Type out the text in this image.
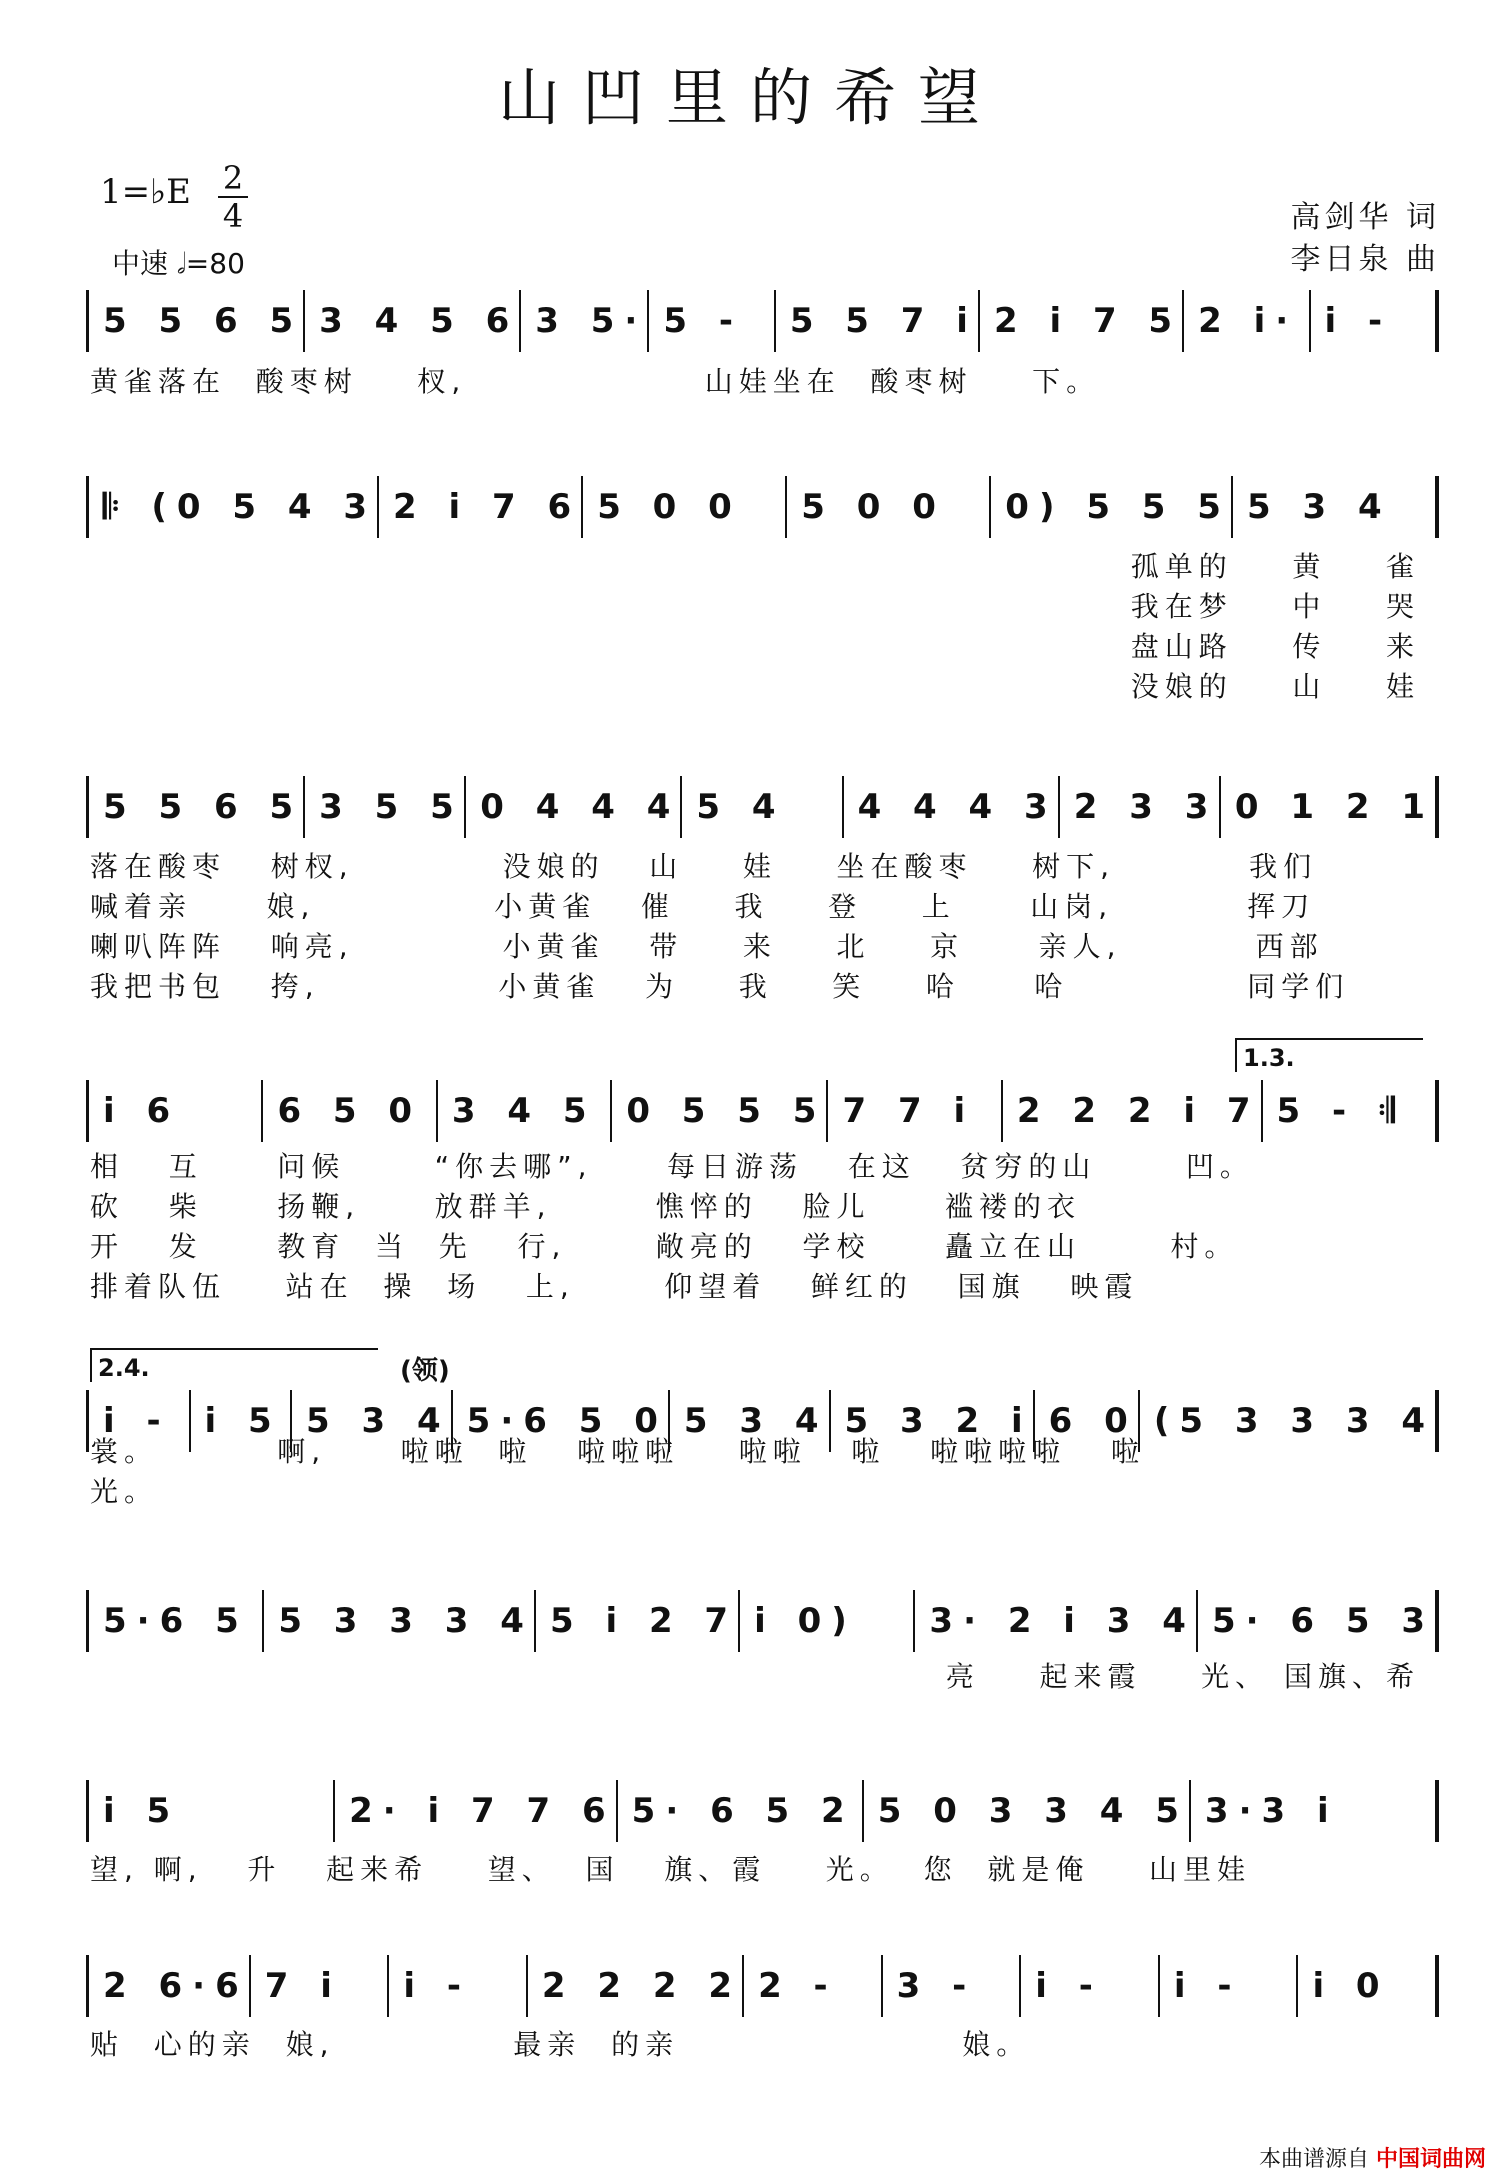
山凹里的希望
1=♭E 2
4
中速 𝅗𝅥=80
高剑华 词
李日泉 曲
5 5 6 5 3 4 5 6 3 5· 5 -	5 5 7 i 2 i 7 5 2 i· i -
黄雀落在  酸枣树    杈,                山娃坐在  酸枣树    下。
𝄆 (0 5 4 3 2 i 7 6 5 0 0	5 0 0	0) 5 5 5 5 3 4
孤单的    黄    雀
我在梦    中    哭
盘山路    传    来
没娘的    山    娃
5 5 6 5 3 5 5 0 4 4 4 5 4	4 4 4 3 2 3 3 0 1 2 1
落在酸枣   树杈,          没娘的   山    娃    坐在酸枣    树下,         我们
喊着亲     娘,            小黄雀   催    我    登    上     山岗,         挥刀
喇叭阵阵   响亮,          小黄雀   带    来    北    京     亲人,         西部
我把书包   挎,            小黄雀   为    我    笑    哈     哈            同学们
i 6	6 5 0 3 4 5 0 5 5 5 7 7 i	2 2 2 i 7 5 - 𝄇
1.3.
相   互     问候      “你去哪”,     每日游荡   在这   贫穷的山      凹。
砍   柴     扬鞭,     放群羊,       憔悴的   脸儿     褴褛的衣
开   发     教育  当  先   行,      敞亮的   学校     矗立在山      村。
排着队伍    站在  操  场   上,      仰望着   鲜红的   国旗   映霞
i - i 5 5 3 4 5·6 5 0 5 3 4 5 3 2 i 6 0 (5 3 3 3 4
2.4.	(领)
裳。        啊,     啦啦  啦   啦啦啦    啦啦   啦   啦啦啦啦   啦
光。
5·6 5 5 3 3 3 4 5 i 2 7 i 0)	3· 2 i 3 4 5· 6 5 3
亮    起来霞    光、 国旗、希
i 5	2· i 7 7 6 5· 6 5 2 5 0 3 3 4 5 3·3 i
望, 啊,   升   起来希    望、  国   旗、霞    光。  您  就是俺    山里娃
2 6·6 7 i	i -	2 2 2 2 2 -	3 -	i -	i -	i 0
贴  心的亲  娘,            最亲  的亲                   娘。
本曲谱源自 中国词曲网
